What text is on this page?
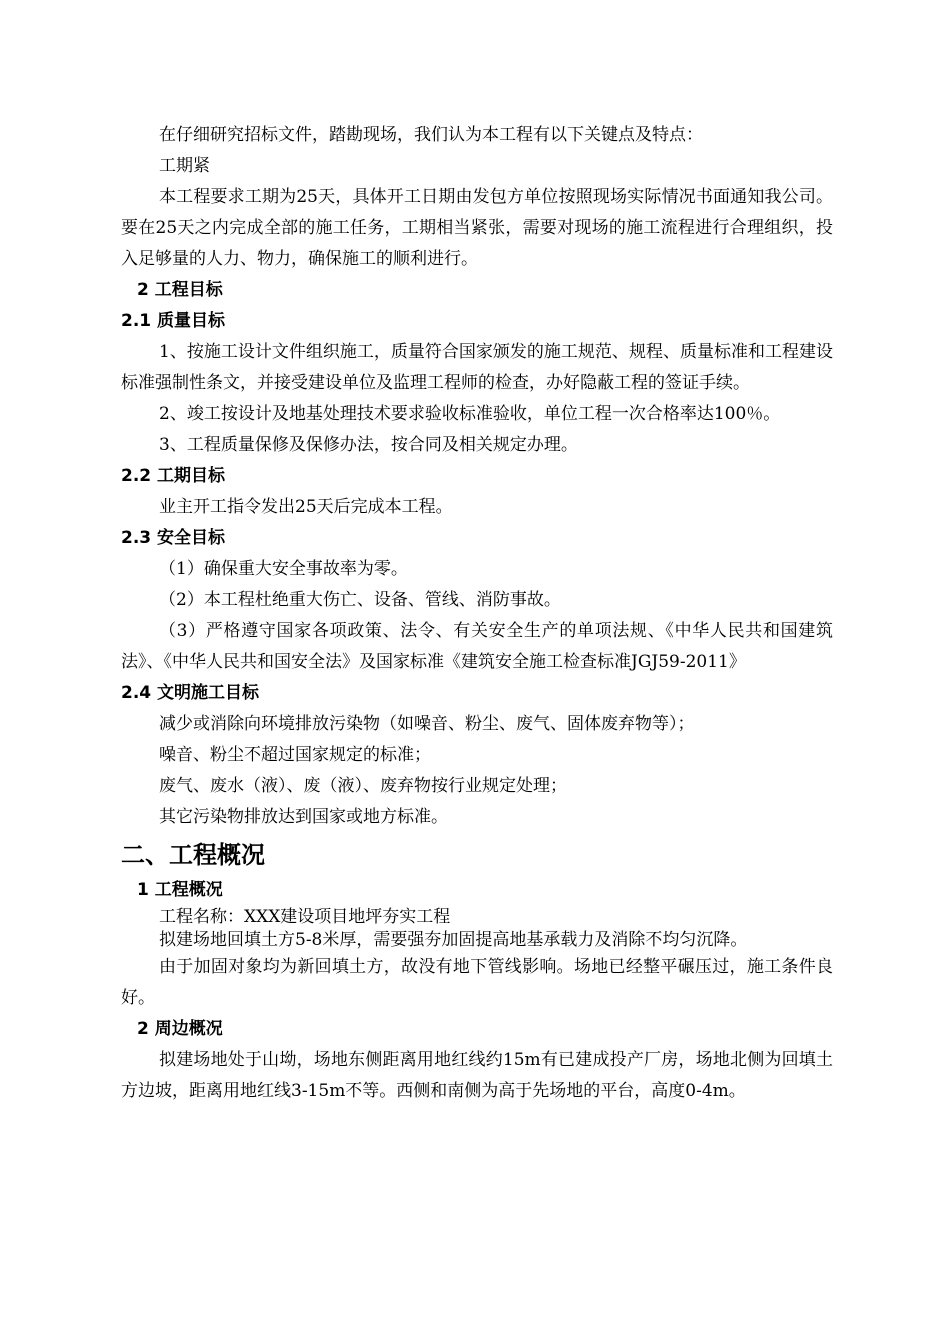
在仔细研究招标文件，踏勘现场，我们认为本工程有以下关键点及特点：

工期紧

本工程要求工期为25天，具体开工日期由发包方单位按照现场实际情况书面通知我公司。要在25天之内完成全部的施工任务，工期相当紧张，需要对现场的施工流程进行合理组织，投入足够量的人力、物力，确保施工的顺利进行。

2 工程目标
2.1 质量目标

1、按施工设计文件组织施工，质量符合国家颁发的施工规范、规程、质量标准和工程建设标准强制性条文，并接受建设单位及监理工程师的检查，办好隐蔽工程的签证手续。

2、竣工按设计及地基处理技术要求验收标准验收，单位工程一次合格率达100％。

3、工程质量保修及保修办法，按合同及相关规定办理。

2.2 工期目标

业主开工指令发出25天后完成本工程。

2.3 安全目标

（1）确保重大安全事故率为零。

（2）本工程杜绝重大伤亡、设备、管线、消防事故。

（3）严格遵守国家各项政策、法令、有关安全生产的单项法规、《中华人民共和国建筑法》、《中华人民共和国安全法》及国家标准《建筑安全施工检查标准JGJ59-2011》

2.4 文明施工目标

减少或消除向环境排放污染物（如噪音、粉尘、废气、固体废弃物等）；

噪音、粉尘不超过国家规定的标准；

废气、废水（液）、废（液）、废弃物按行业规定处理；

其它污染物排放达到国家或地方标准。

二、工程概况
1 工程概况

工程名称：XXX建设项目地坪夯实工程

拟建场地回填土方5-8米厚，需要强夯加固提高地基承载力及消除不均匀沉降。

由于加固对象均为新回填土方，故没有地下管线影响。场地已经整平碾压过，施工条件良好。

2 周边概况

拟建场地处于山坳，场地东侧距离用地红线约15m有已建成投产厂房，场地北侧为回填土方边坡，距离用地红线3-15m不等。西侧和南侧为高于先场地的平台，高度0-4m。
